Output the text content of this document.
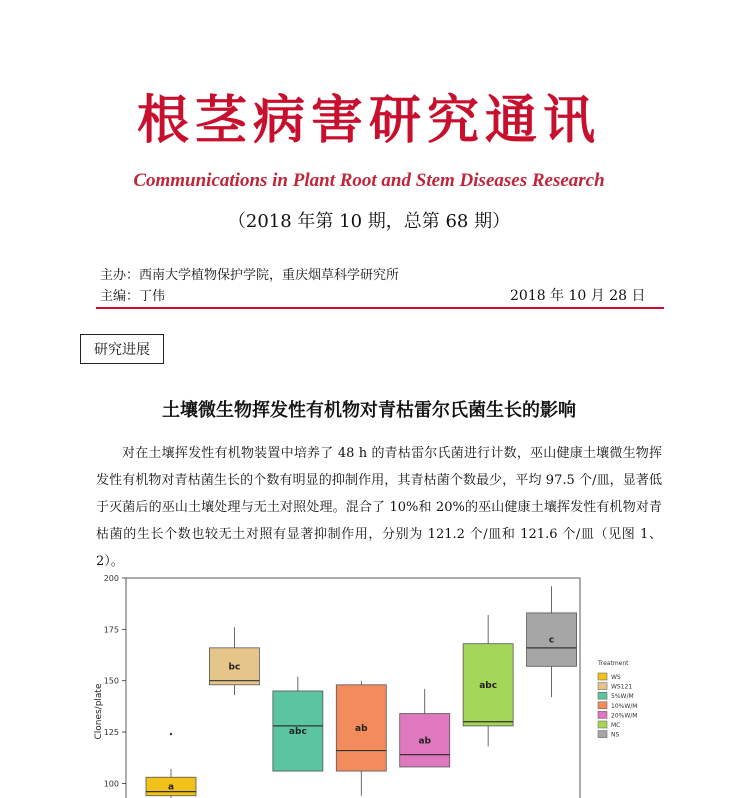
根茎病害研究通讯
Communications in Plant Root and Stem Diseases Research
（2018 年第 10 期，总第 68 期）
主办：西南大学植物保护学院，重庆烟草科学研究所
主编：丁伟	2018 年 10 月 28 日
研究进展
土壤微生物挥发性有机物对青枯雷尔氏菌生长的影响
对在土壤挥发性有机物装置中培养了 48 h 的青枯雷尔氏菌进行计数，巫山健康土壤微生物挥发性有机物对青枯菌生长的个数有明显的抑制作用，其青枯菌个数最少，平均 97.5 个/皿，显著低于灭菌后的巫山土壤处理与无土对照处理。混合了 10%和 20%的巫山健康土壤挥发性有机物对青枯菌的生长个数也较无土对照有显著抑制作用，分别为 121.2 个/皿和 121.6 个/皿（见图 1、2）。
100
125
150
175
200
Clones/plate
a
bc
abc	ab
ab
abc
c
Treatment
WS
WS121
5%W/M
10%W/M
20%W/M
MC
NS
